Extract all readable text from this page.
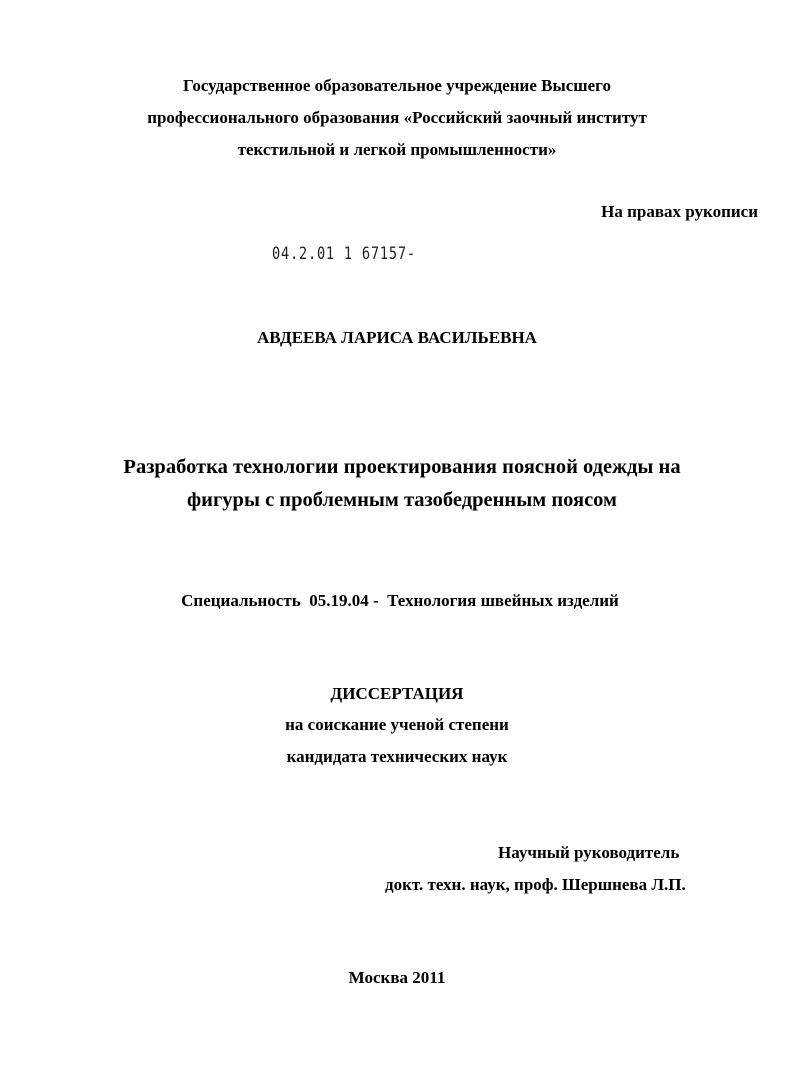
Государственное образовательное учреждение Высшего
профессионального образования «Российский заочный институт
текстильной и легкой промышленности»
На правах рукописи
04.2.01 1 67157-
АВДЕЕВА ЛАРИСА ВАСИЛЬЕВНА
Разработка технологии проектирования поясной одежды на
фигуры с проблемным тазобедренным поясом
Специальность  05.19.04 -  Технология швейных изделий
ДИССЕРТАЦИЯ
на соискание ученой степени
кандидата технических наук
Научный руководитель
докт. техн. наук, проф. Шершнева Л.П.
Москва 2011
